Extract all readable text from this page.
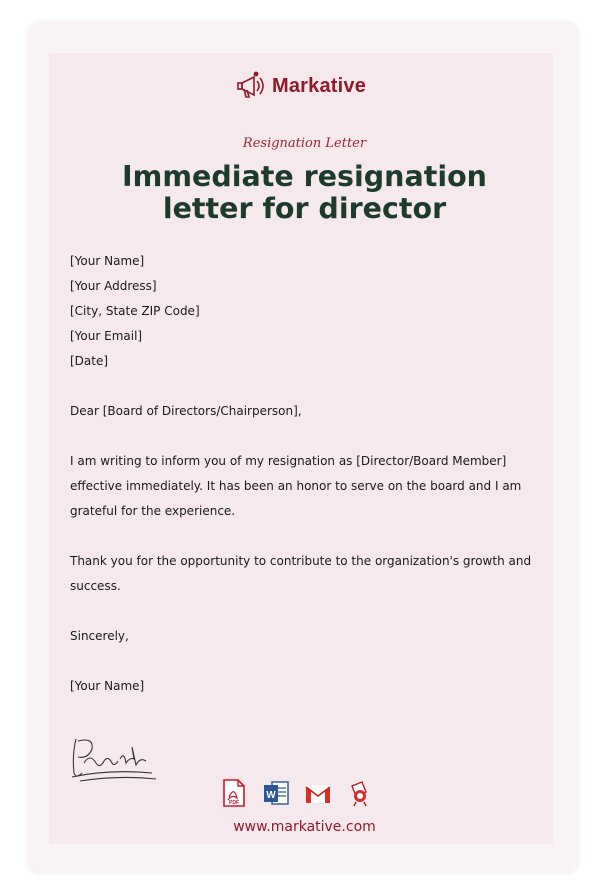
Markative
Resignation Letter
Immediate resignation
letter for director
[Your Name]
[Your Address]
[City, State ZIP Code]
[Your Email]
[Date]

Dear [Board of Directors/Chairperson],

I am writing to inform you of my resignation as [Director/Board Member] effective immediately. It has been an honor to serve on the board and I am grateful for the experience.

Thank you for the opportunity to contribute to the organization's growth and success.

Sincerely,

[Your Name]

PDF
W
www.markative.com
